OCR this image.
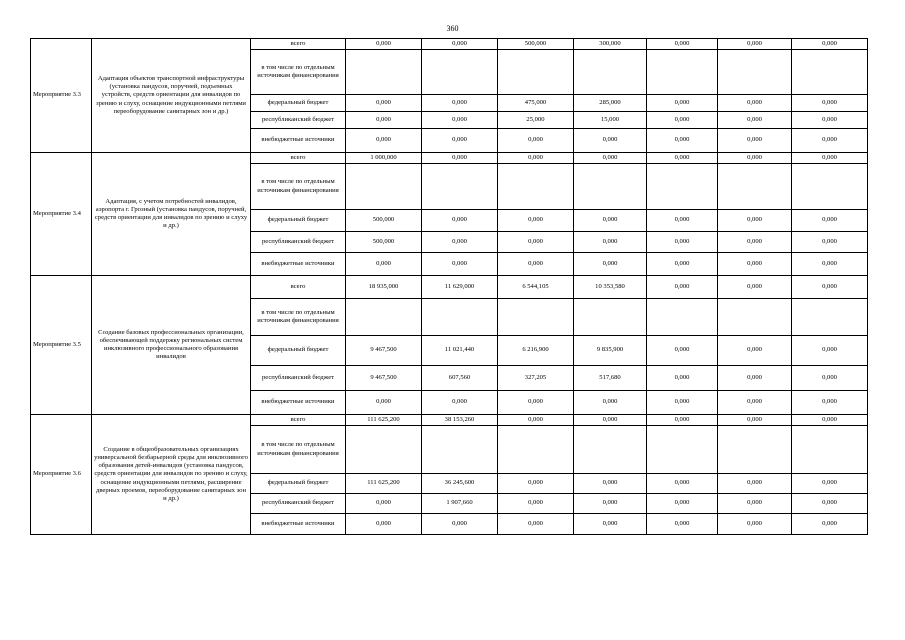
360
Мероприятие 3.3	Адаптация объектов транспортной инфраструктуры (установка пандусов, поручней, подъемных устройств, средств ориентации для инвалидов по зрению и слуху, оснащение индукционными петлями переоборудование санитарных зон и др.)	всего	0,000	0,000	500,000	300,000	0,000	0,000	0,000
		в том числе по отдельным источникам финансирования							
		федеральный бюджет	0,000	0,000	475,000	285,000	0,000	0,000	0,000
		республиканский бюджет	0,000	0,000	25,000	15,000	0,000	0,000	0,000
		внебюджетные источники	0,000	0,000	0,000	0,000	0,000	0,000	0,000
Мероприятие 3.4	Адаптация, с учетом потребностей инвалидов, аэропорта г. Грозный (установка пандусов, поручней, средств ориентации для инвалидов по зрению и слуху и др.)	всего	1 000,000	0,000	0,000	0,000	0,000	0,000	0,000
		в том числе по отдельным источникам финансирования							
		федеральный бюджет	500,000	0,000	0,000	0,000	0,000	0,000	0,000
		республиканский бюджет	500,000	0,000	0,000	0,000	0,000	0,000	0,000
		внебюджетные источники	0,000	0,000	0,000	0,000	0,000	0,000	0,000
Мероприятие 3.5	Создание базовых профессиональных организации, обеспечивающей поддержку региональных систем инклюзивного профессионального образования инвалидов	всего	18 935,000	11 629,000	6 544,105	10 353,580	0,000	0,000	0,000
		в том числе по отдельным источникам финансирования							
		федеральный бюджет	9 467,500	11 021,440	6 216,900	9 835,900	0,000	0,000	0,000
		республиканский бюджет	9 467,500	607,560	327,205	517,680	0,000	0,000	0,000
		внебюджетные источники	0,000	0,000	0,000	0,000	0,000	0,000	0,000
Мероприятие 3.6	Создание в общеобразовательных организациях универсальной безбарьерной среды для инклюзивного образования детей-инвалидов (установка пандусов, средств ориентации для инвалидов по зрению и слуху, оснащение индукционными петлями, расширение дверных проемов, переоборудование санитарных зон и др.)	всего	111 625,200	38 153,260	0,000	0,000	0,000	0,000	0,000
		в том числе по отдельным источникам финансирования							
		федеральный бюджет	111 625,200	36 245,600	0,000	0,000	0,000	0,000	0,000
		республиканский бюджет	0,000	1 907,660	0,000	0,000	0,000	0,000	0,000
		внебюджетные источники	0,000	0,000	0,000	0,000	0,000	0,000	0,000
